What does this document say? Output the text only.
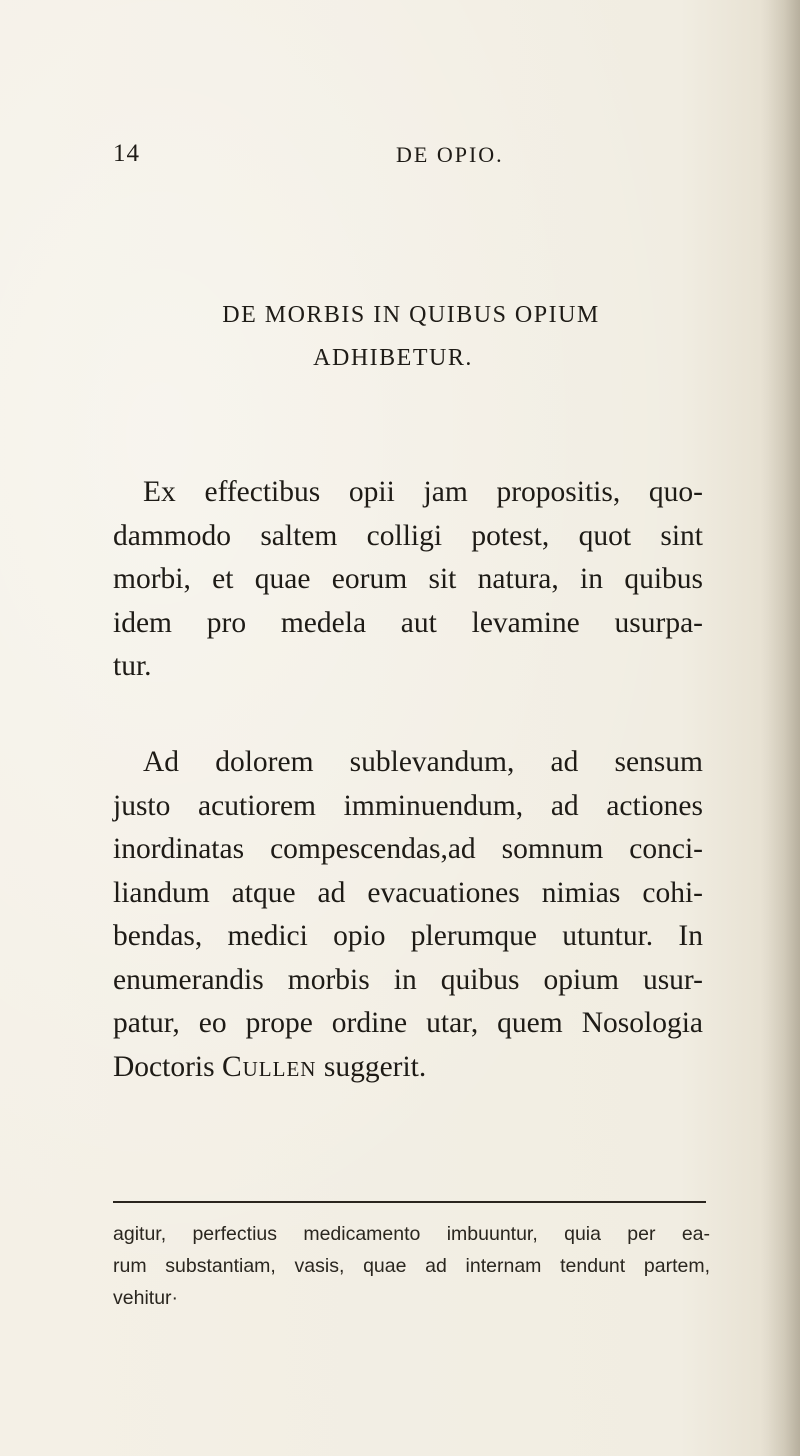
14	DE OPIO.
DE MORBIS IN QUIBUS OPIUM
ADHIBETUR.
Ex effectibus opii jam propositis, quo-
dammodo saltem colligi potest, quot sint
morbi, et quae eorum sit natura, in quibus
idem pro medela aut levamine usurpa-
tur.
Ad dolorem sublevandum, ad sensum
justo acutiorem imminuendum, ad actiones
inordinatas compescendas,ad somnum conci-
liandum atque ad evacuationes nimias cohi-
bendas, medici opio plerumque utuntur. In
enumerandis morbis in quibus opium usur-
patur, eo prope ordine utar, quem Nosologia
Doctoris Cullen suggerit.
agitur, perfectius medicamento imbuuntur, quia per ea-
rum substantiam, vasis, quae ad internam tendunt partem,
vehitur·
